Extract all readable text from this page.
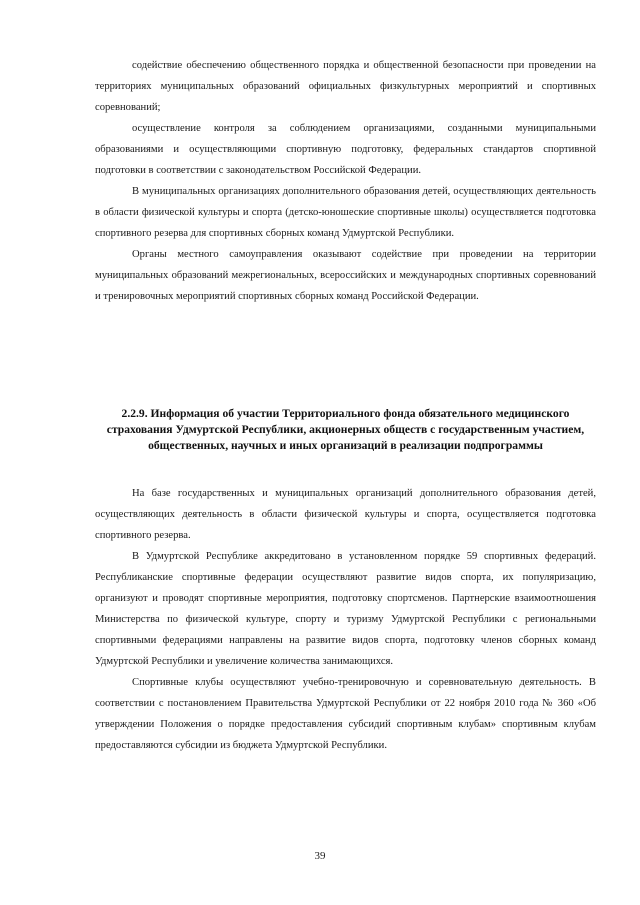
содействие обеспечению общественного порядка и общественной безопасности при проведении на территориях муниципальных образований официальных физкультурных мероприятий и спортивных соревнований;

осуществление контроля за соблюдением организациями, созданными муниципальными образованиями и осуществляющими спортивную подготовку, федеральных стандартов спортивной подготовки в соответствии с законодательством Российской Федерации.

В муниципальных организациях дополнительного образования детей, осуществляющих деятельность в области физической культуры и спорта (детско-юношеские спортивные школы) осуществляется подготовка спортивного резерва для спортивных сборных команд Удмуртской Республики.

Органы местного самоуправления оказывают содействие при проведении на территории муниципальных образований межрегиональных, всероссийских и международных спортивных соревнований и тренировочных мероприятий спортивных сборных команд Российской Федерации.

2.2.9. Информация об участии Территориального фонда обязательного медицинского страхования Удмуртской Республики, акционерных обществ с государственным участием, общественных, научных и иных организаций в реализации подпрограммы

На базе государственных и муниципальных организаций дополнительного образования детей, осуществляющих деятельность в области физической культуры и спорта, осуществляется подготовка спортивного резерва.

В Удмуртской Республике аккредитовано в установленном порядке 59 спортивных федераций. Республиканские спортивные федерации осуществляют развитие видов спорта, их популяризацию, организуют и проводят спортивные мероприятия, подготовку спортсменов. Партнерские взаимоотношения Министерства по физической культуре, спорту и туризму Удмуртской Республики с региональными спортивными федерациями направлены на развитие видов спорта, подготовку членов сборных команд Удмуртской Республики и увеличение количества занимающихся.

Спортивные клубы осуществляют учебно-тренировочную и соревновательную деятельность. В соответствии с постановлением Правительства Удмуртской Республики от 22 ноября 2010 года № 360 «Об утверждении Положения о порядке предоставления субсидий спортивным клубам» спортивным клубам предоставляются субсидии из бюджета Удмуртской Республики.

39
